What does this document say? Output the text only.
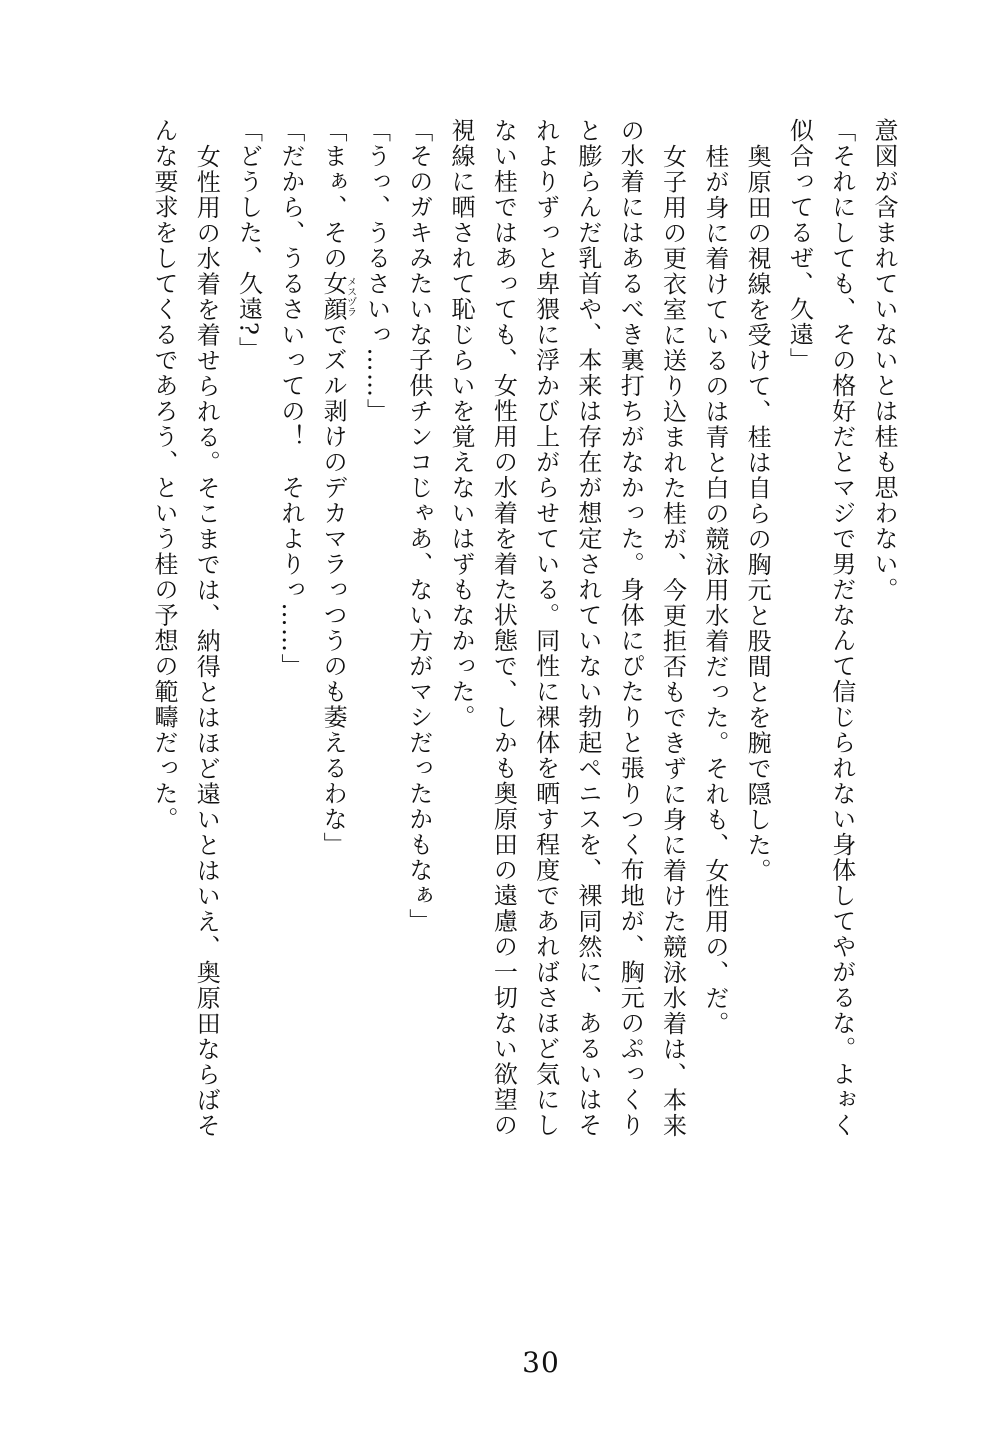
意図が含まれていないとは桂も思わない。

「それにしても、その格好だとマジで男だなんて信じられない身体してやがるな。よぉく似合ってるぜ、久遠」

奥原田の視線を受けて、桂は自らの胸元と股間とを腕で隠した。

桂が身に着けているのは青と白の競泳用水着だった。それも、女性用の、だ。

女子用の更衣室に送り込まれた桂が、今更拒否もできずに身に着けた競泳水着は、本来の水着にはあるべき裏打ちがなかった。身体にぴたりと張りつく布地が、胸元のぷっくりと膨らんだ乳首や、本来は存在が想定されていない勃起ペニスを、裸同然に、あるいはそれよりずっと卑猥に浮かび上がらせている。同性に裸体を晒す程度であればさほど気にしない桂ではあっても、女性用の水着を着た状態で、しかも奥原田の遠慮の一切ない欲望の視線に晒されて恥じらいを覚えないはずもなかった。

「そのガキみたいな子供チンコじゃあ、ない方がマシだったかもなぁ」

「うっ、うるさいっ……」

「まぁ、その女顔メスヅラでズル剥けのデカマラっつうのも萎えるわな」

「だから、うるさいっての！　それよりっ……」

「どうした、久遠?」

女性用の水着を着せられる。そこまでは、納得とはほど遠いとはいえ、奥原田ならばそんな要求をしてくるであろう、という桂の予想の範疇だった。

30
